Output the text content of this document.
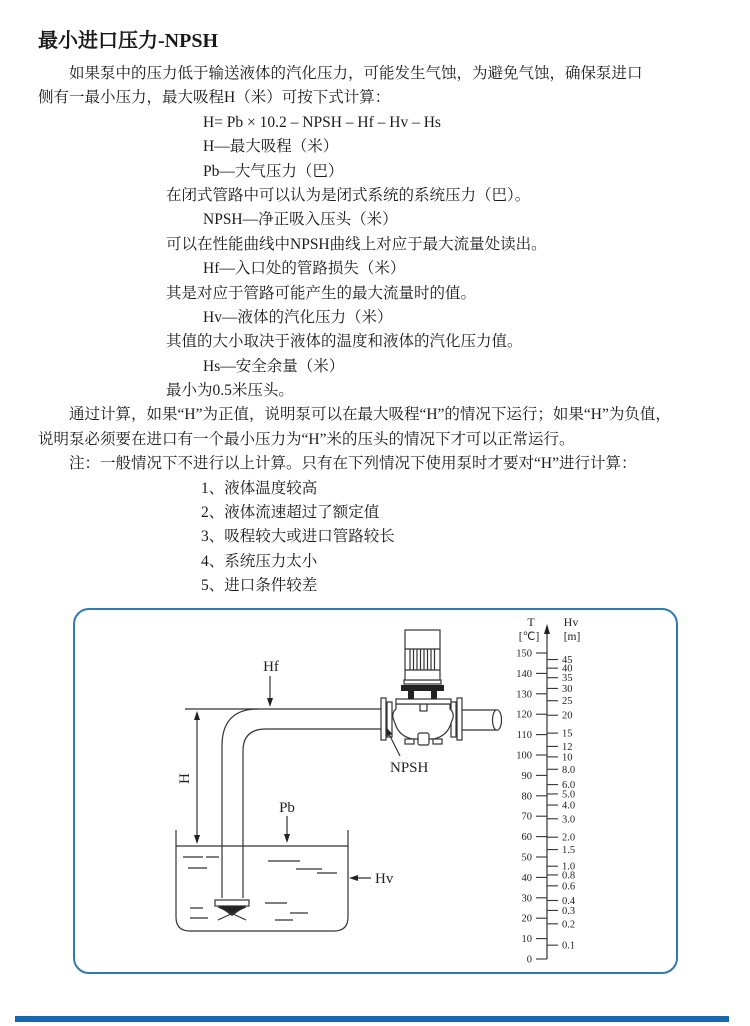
最小进口压力-NPSH
如果泵中的压力低于输送液体的汽化压力，可能发生气蚀，为避免气蚀，确保泵进口
侧有一最小压力，最大吸程H（米）可按下式计算：
H= Pb × 10.2 – NPSH – Hf – Hv – Hs
H—最大吸程（米）
Pb—大气压力（巴）
在闭式管路中可以认为是闭式系统的系统压力（巴）。
NPSH—净正吸入压头（米）
可以在性能曲线中NPSH曲线上对应于最大流量处读出。
Hf—入口处的管路损失（米）
其是对应于管路可能产生的最大流量时的值。
Hv—液体的汽化压力（米）
其值的大小取决于液体的温度和液体的汽化压力值。
Hs—安全余量（米）
最小为0.5米压头。
通过计算，如果“H”为正值，说明泵可以在最大吸程“H”的情况下运行；如果“H”为负值，
说明泵必须要在进口有一个最小压力为“H”米的压头的情况下才可以正常运行。
注：一般情况下不进行以上计算。只有在下列情况下使用泵时才要对“H”进行计算：
1、液体温度较高
2、液体流速超过了额定值
3、吸程较大或进口管路较长
4、系统压力太小
5、进口条件较差
H
Hf
Pb
NPSH
Hv
T
[℃]
Hv
[m]
150
140
130
120
110
100
90
80
70
60
50
40
30
20
10
0
45
40
35
30
25
20
15
12
10
8.0
6.0
5.0
4.0
3.0
2.0
1.5
1.0
0.8
0.6
0.4
0.3
0.2
0.1
